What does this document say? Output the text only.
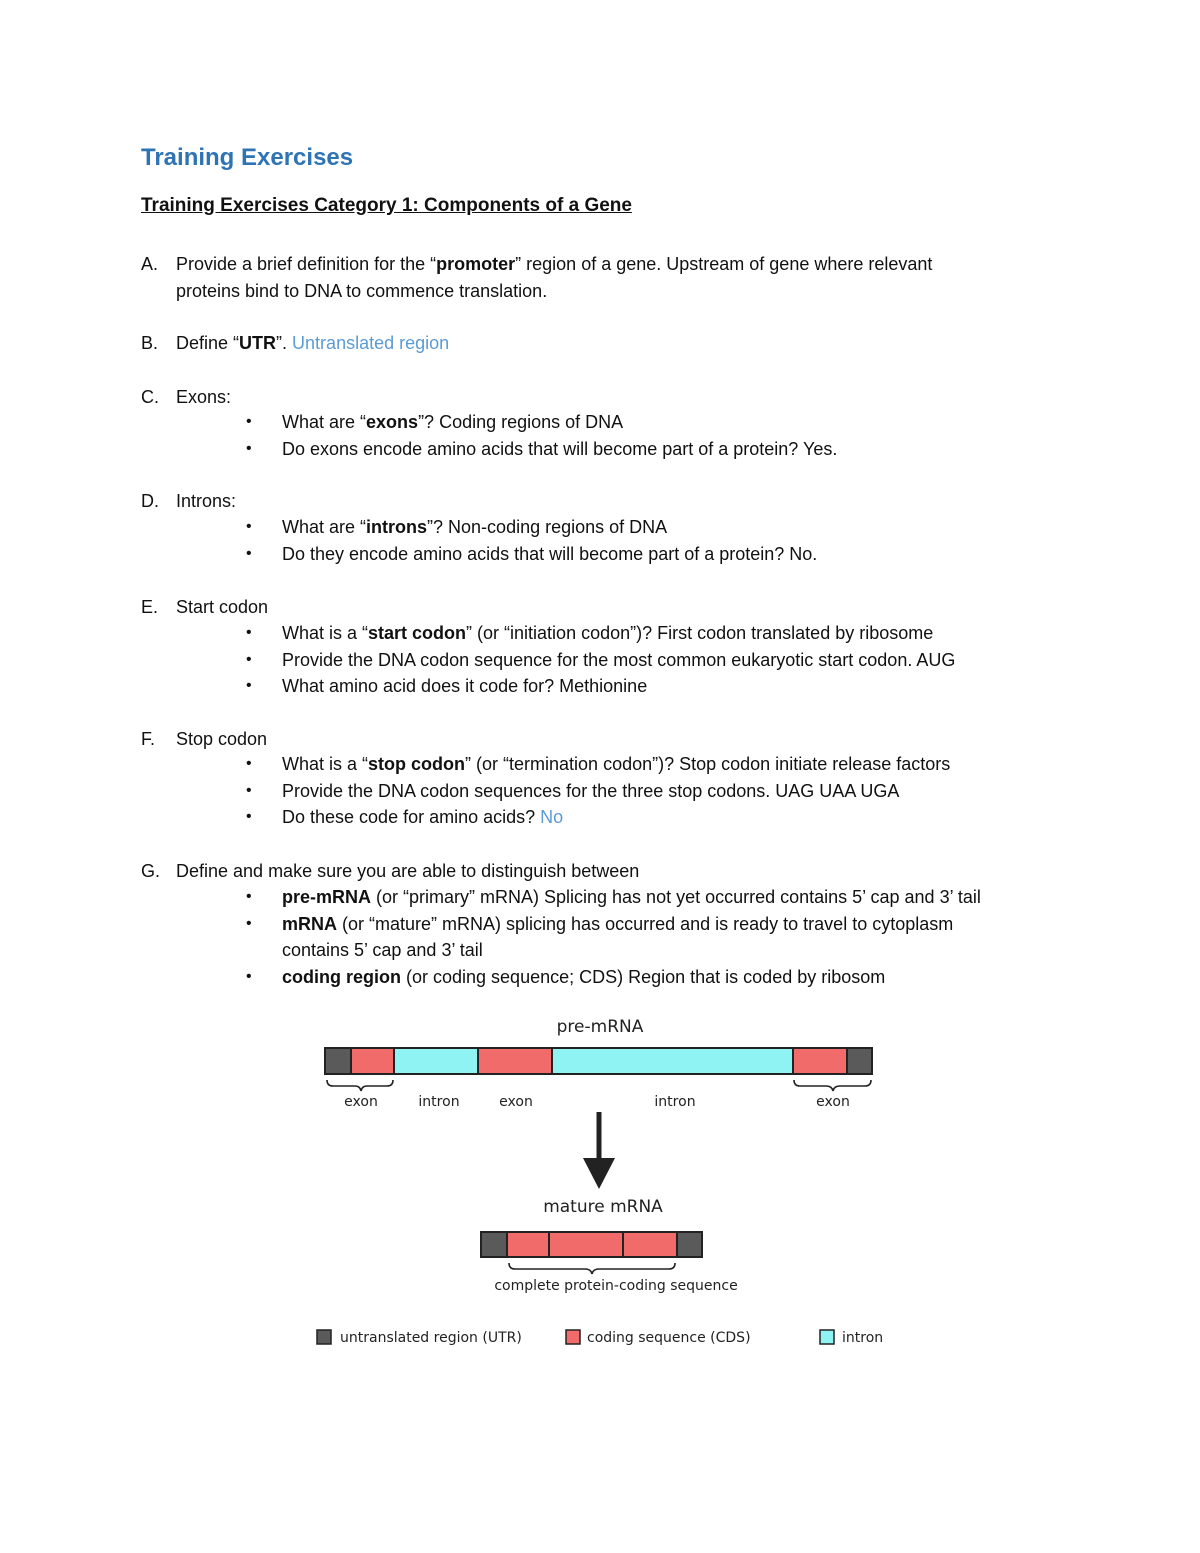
Training Exercises
Training Exercises Category 1: Components of a Gene
A. Provide a brief definition for the “promoter” region of a gene. Upstream of gene where relevant
proteins bind to DNA to commence translation.
B. Define “UTR”. Untranslated region
C. Exons:
• What are “exons”? Coding regions of DNA
• Do exons encode amino acids that will become part of a protein? Yes.
D. Introns:
• What are “introns”? Non-coding regions of DNA
• Do they encode amino acids that will become part of a protein? No.
E. Start codon
• What is a “start codon” (or “initiation codon”)? First codon translated by ribosome
• Provide the DNA codon sequence for the most common eukaryotic start codon. AUG
• What amino acid does it code for? Methionine
F.	Stop codon
• What is a “stop codon” (or “termination codon”)? Stop codon initiate release factors
• Provide the DNA codon sequences for the three stop codons. UAG UAA UGA
• Do these code for amino acids? No
G. Define and make sure you are able to distinguish between
• pre-mRNA (or “primary” mRNA) Splicing has not yet occurred contains 5’ cap and 3’ tail
• mRNA (or “mature” mRNA) splicing has occurred and is ready to travel to cytoplasm
contains 5’ cap and 3’ tail
• coding region (or coding sequence; CDS) Region that is coded by ribosom
pre-mRNA
exon	intron	exon	intron	exon
mature mRNA
complete protein-coding sequence
untranslated region (UTR)	coding sequence (CDS)	intron
